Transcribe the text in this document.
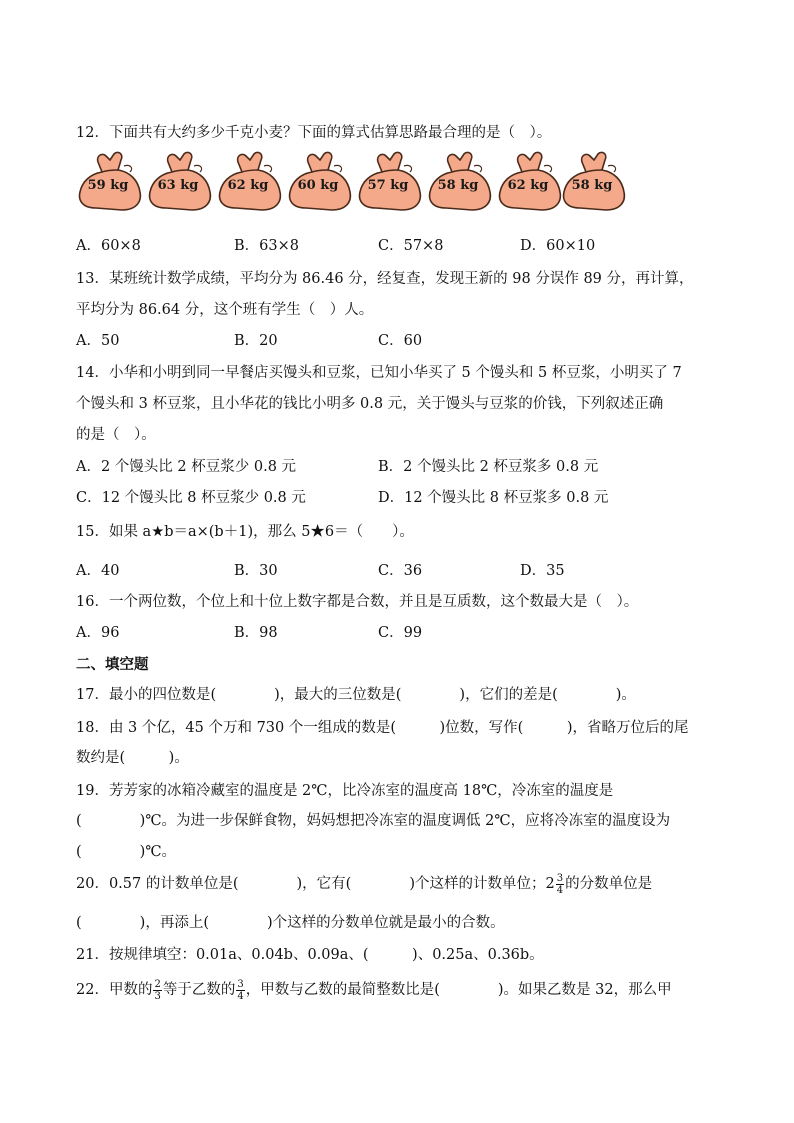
12．下面共有大约多少千克小麦？下面的算式估算思路最合理的是（　）。
59 kg	63 kg	62 kg	60 kg	57 kg	58 kg	62 kg	58 kg
A．60×8	B．63×8	C．57×8	D．60×10
13．某班统计数学成绩，平均分为 86.46 分，经复查，发现王新的 98 分误作 89 分，再计算，
平均分为 86.64 分，这个班有学生（　）人。
A．50	B．20	C．60
14．小华和小明到同一早餐店买馒头和豆浆，已知小华买了 5 个馒头和 5 杯豆浆，小明买了 7
个馒头和 3 杯豆浆，且小华花的钱比小明多 0.8 元，关于馒头与豆浆的价钱，下列叙述正确
的是（　）。
A．2 个馒头比 2 杯豆浆少 0.8 元	B．2 个馒头比 2 杯豆浆多 0.8 元
C．12 个馒头比 8 杯豆浆少 0.8 元	D．12 个馒头比 8 杯豆浆多 0.8 元
15．如果 a★b＝a×(b＋1)，那么 5★6＝（　　）。
A．40	B．30	C．36	D．35
16．一个两位数，个位上和十位上数字都是合数，并且是互质数，这个数最大是（　）。
A．96	B．98	C．99
二、填空题
17．最小的四位数是(　　　　)，最大的三位数是(　　　　)，它们的差是(　　　　)。
18．由 3 个亿，45 个万和 730 个一组成的数是(　　　)位数，写作(　　　)，省略万位后的尾
数约是(　　　)。
19．芳芳家的冰箱冷藏室的温度是 2℃，比冷冻室的温度高 18℃，冷冻室的温度是
(　　　　)℃。为进一步保鲜食物，妈妈想把冷冻室的温度调低 2℃，应将冷冻室的温度设为
(　　　　)℃。
20．0.57 的计数单位是(　　　　)，它有(　　　　)个这样的计数单位；$2 \frac{3}{4}$ 的分数单位是
(　　　　)，再添上(　　　　)个这样的分数单位就是最小的合数。
21．按规律填空：0.01a、0.04b、0.09a、(　　　)、0.25a、0.36b。
22．甲数的 $\frac{2}{3}$ 等于乙数的 $\frac{3}{4}$ ，甲数与乙数的最简整数比是(　　　　)。如果乙数是 32，那么甲
